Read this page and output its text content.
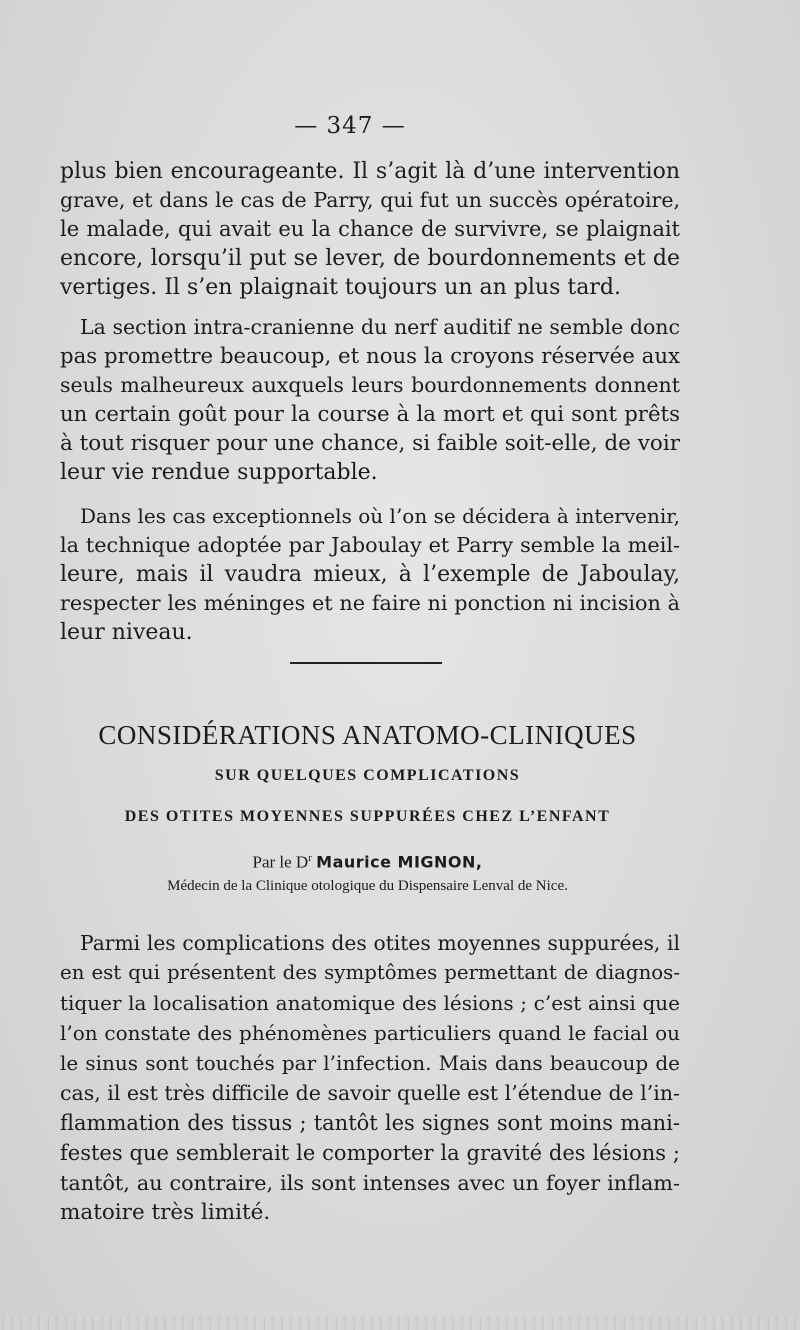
— 347 —
plus bien encourageante. Il s’agit là d’une intervention
grave, et dans le cas de Parry, qui fut un succès opératoire,
le malade, qui avait eu la chance de survivre, se plaignait
encore, lorsqu’il put se lever, de bourdonnements et de
vertiges. Il s’en plaignait toujours un an plus tard.
La section intra-cranienne du nerf auditif ne semble donc
pas promettre beaucoup, et nous la croyons réservée aux
seuls malheureux auxquels leurs bourdonnements donnent
un certain goût pour la course à la mort et qui sont prêts
à tout risquer pour une chance, si faible soit-elle, de voir
leur vie rendue supportable.
Dans les cas exceptionnels où l’on se décidera à intervenir,
la technique adoptée par Jaboulay et Parry semble la meil-
leure, mais il vaudra mieux, à l’exemple de Jaboulay,
respecter les méninges et ne faire ni ponction ni incision à
leur niveau.
CONSIDÉRATIONS ANATOMO-CLINIQUES
SUR QUELQUES COMPLICATIONS
DES OTITES MOYENNES SUPPURÉES CHEZ L’ENFANT
Par le $D^r$ Maurice MIGNON,
Médecin de la Clinique otologique du Dispensaire Lenval de Nice.
Parmi les complications des otites moyennes suppurées, il
en est qui présentent des symptômes permettant de diagnos-
tiquer la localisation anatomique des lésions ; c’est ainsi que
l’on constate des phénomènes particuliers quand le facial ou
le sinus sont touchés par l’infection. Mais dans beaucoup de
cas, il est très difficile de savoir quelle est l’étendue de l’in-
flammation des tissus ; tantôt les signes sont moins mani-
festes que semblerait le comporter la gravité des lésions ;
tantôt, au contraire, ils sont intenses avec un foyer inflam-
matoire très limité.
